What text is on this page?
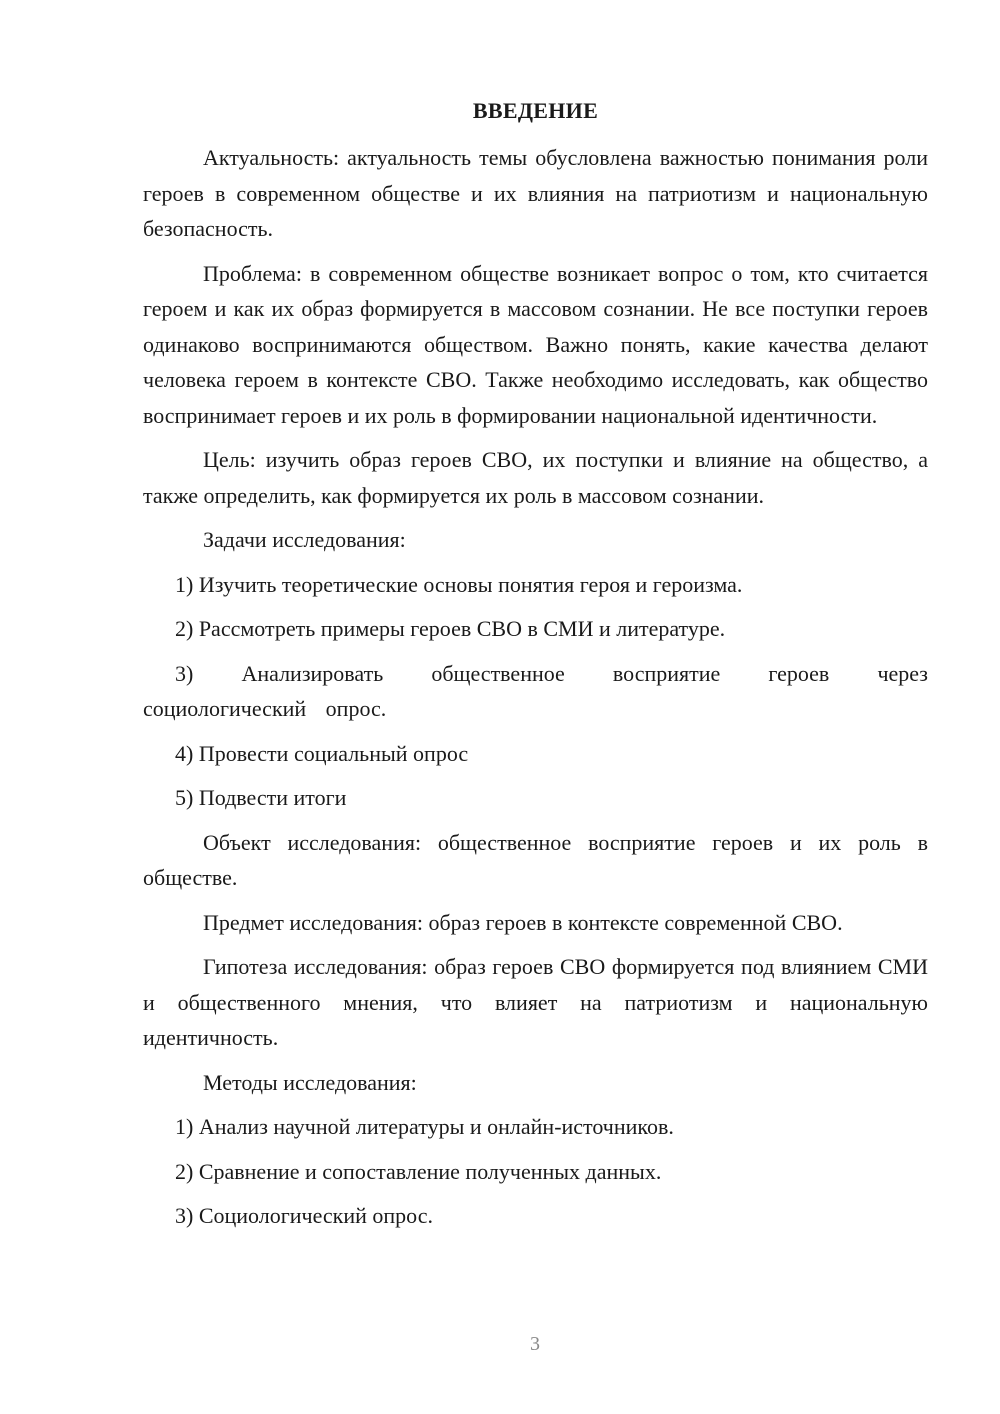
ВВЕДЕНИЕ

Актуальность: актуальность темы обусловлена важностью понимания роли героев в современном обществе и их влияния на патриотизм и национальную безопасность.

Проблема: в современном обществе возникает вопрос о том, кто считается героем и как их образ формируется в массовом сознании. Не все поступки героев одинаково воспринимаются обществом. Важно понять, какие качества делают человека героем в контексте СВО. Также необходимо исследовать, как общество воспринимает героев и их роль в формировании национальной идентичности.

Цель: изучить образ героев СВО, их поступки и влияние на общество, а также определить, как формируется их роль в массовом сознании.

Задачи исследования:

1) Изучить теоретические основы понятия героя и героизма.

2) Рассмотреть примеры героев СВО в СМИ и литературе.

3) Анализировать общественное восприятие героев через социологический опрос.

4) Провести социальный опрос

5) Подвести итоги

Объект исследования: общественное восприятие героев и их роль в обществе.

Предмет исследования: образ героев в контексте современной СВО.

Гипотеза исследования: образ героев СВО формируется под влиянием СМИ и общественного мнения, что влияет на патриотизм и национальную идентичность.

Методы исследования:

1) Анализ научной литературы и онлайн-источников.

2) Сравнение и сопоставление полученных данных.

3) Социологический опрос.

3
